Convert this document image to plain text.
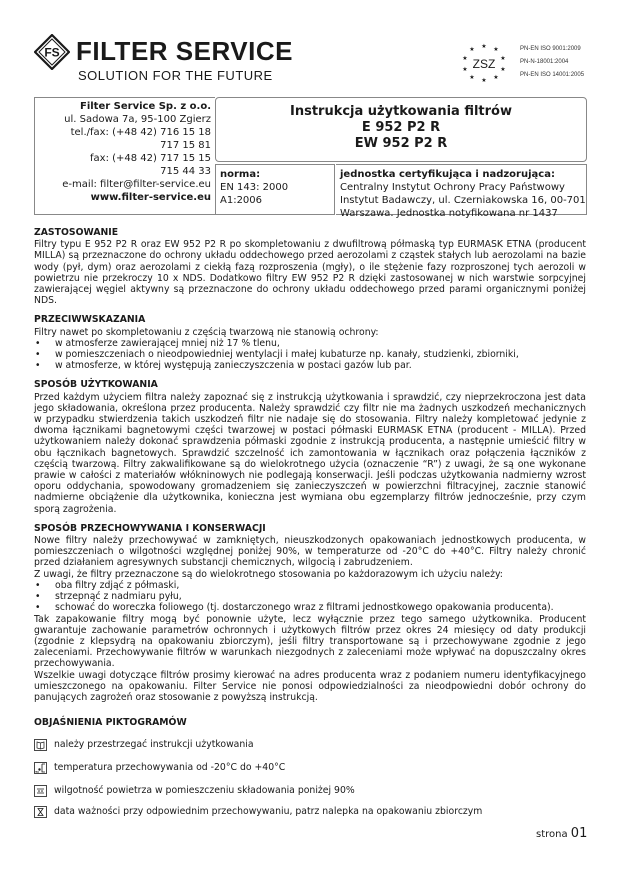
FS FILTER SERVICE
SOLUTION FOR THE FUTURE
★ ★
★
★
★
★
★
★
★
★
ZSZ
PN-EN ISO 9001:2009
PN-N-18001:2004
PN-EN ISO 14001:2005
Filter Service Sp. z o.o.
ul. Sadowa 7a, 95-100 Zgierz
tel./fax: (+48 42) 716 15 18
717 15 81
fax: (+48 42) 717 15 15
715 44 33
e-mail: filter@filter-service.eu
www.filter-service.eu
Instrukcja użytkowania filtrów
E 952 P2 R
EW 952 P2 R
norma:
EN 143: 2000
A1:2006
jednostka certyfikująca i nadzorująca:
Centralny Instytut Ochrony Pracy Państwowy
Instytut Badawczy, ul. Czerniakowska 16, 00-701
Warszawa. Jednostka notyfikowana nr 1437
ZASTOSOWANIE
Filtry typu E 952 P2 R oraz EW 952 P2 R po skompletowaniu z dwufiltrową półmaską typ EURMASK ETNA (producent MILLA) są przeznaczone do ochrony układu oddechowego przed aerozolami z cząstek stałych lub aerozolami na bazie wody (pył, dym) oraz aerozolami z ciekłą fazą rozproszenia (mgły), o ile stężenie fazy rozproszonej tych aerozoli w powietrzu nie przekroczy 10 x NDS. Dodatkowo filtry EW 952 P2 R dzięki zastosowanej w nich warstwie sorpcyjnej zawierającej węgiel aktywny są przeznaczone do ochrony układu oddechowego przed parami organicznymi poniżej NDS.
PRZECIWWSKAZANIA
Filtry nawet po skompletowaniu z częścią twarzową nie stanowią ochrony:
• w atmosferze zawierającej mniej niż 17 % tlenu,
• w pomieszczeniach o nieodpowiedniej wentylacji i małej kubaturze np. kanały, studzienki, zbiorniki,
• w atmosferze, w której występują zanieczyszczenia w postaci gazów lub par.
SPOSÓB UŻYTKOWANIA
Przed każdym użyciem filtra należy zapoznać się z instrukcją użytkowania i sprawdzić, czy nieprzekroczona jest data jego składowania, określona przez producenta. Należy sprawdzić czy filtr nie ma żadnych uszkodzeń mechanicznych w przypadku stwierdzenia takich uszkodzeń filtr nie nadaje się do stosowania. Filtry należy kompletować jedynie z dwoma łącznikami bagnetowymi części twarzowej w postaci półmaski EURMASK ETNA (producent - MILLA). Przed użytkowaniem należy dokonać sprawdzenia półmaski zgodnie z instrukcją producenta, a następnie umieścić filtry w obu łącznikach bagnetowych. Sprawdzić szczelność ich zamontowania w łącznikach oraz połączenia łączników z częścią twarzową. Filtry zakwalifikowane są do wielokrotnego użycia (oznaczenie “R”) z uwagi, że są one wykonane prawie w całości z materiałów włókninowych nie podlegają konserwacji. Jeśli podczas użytkowania nadmierny wzrost oporu oddychania, spowodowany gromadzeniem się zanieczyszczeń w powierzchni filtracyjnej, zacznie stanowić nadmierne obciążenie dla użytkownika, konieczna jest wymiana obu egzemplarzy filtrów jednocześnie, przy czym sporą zagrożenia.
SPOSÓB PRZECHOWYWANIA I KONSERWACJI
Nowe filtry należy przechowywać w zamkniętych, nieuszkodzonych opakowaniach jednostkowych producenta, w pomieszczeniach o wilgotności względnej poniżej 90%, w temperaturze od -20°C do +40°C. Filtry należy chronić przed działaniem agresywnych substancji chemicznych, wilgocią i zabrudzeniem.
Z uwagi, że filtry przeznaczone są do wielokrotnego stosowania po każdorazowym ich użyciu należy:
• oba filtry zdjąć z półmaski,
• strzepnąć z nadmiaru pyłu,
• schować do woreczka foliowego (tj. dostarczonego wraz z filtrami jednostkowego opakowania producenta).
Tak zapakowanie filtry mogą być ponownie użyte, lecz wyłącznie przez tego samego użytkownika. Producent gwarantuje zachowanie parametrów ochronnych i użytkowych filtrów przez okres 24 miesięcy od daty produkcji (zgodnie z klepsydrą na opakowaniu zbiorczym), jeśli filtry transportowane są i przechowywane zgodnie z jego zaleceniami. Przechowywanie filtrów w warunkach niezgodnych z zaleceniami może wpływać na dopuszczalny okres przechowywania.
Wszelkie uwagi dotyczące filtrów prosimy kierować na adres producenta wraz z podaniem numeru identyfikacyjnego umieszczonego na opakowaniu. Filter Service nie ponosi odpowiedzialności za nieodpowiedni dobór ochrony do panujących zagrożeń oraz stosowanie z powyższą instrukcją.
OBJAŚNIENIA PIKTOGRAMÓW
należy przestrzegać instrukcji użytkowania
temperatura przechowywania od -20°C do +40°C
wilgotność powietrza w pomieszczeniu składowania poniżej 90%
data ważności przy odpowiednim przechowywaniu, patrz nalepka na opakowaniu zbiorczym
strona 01
